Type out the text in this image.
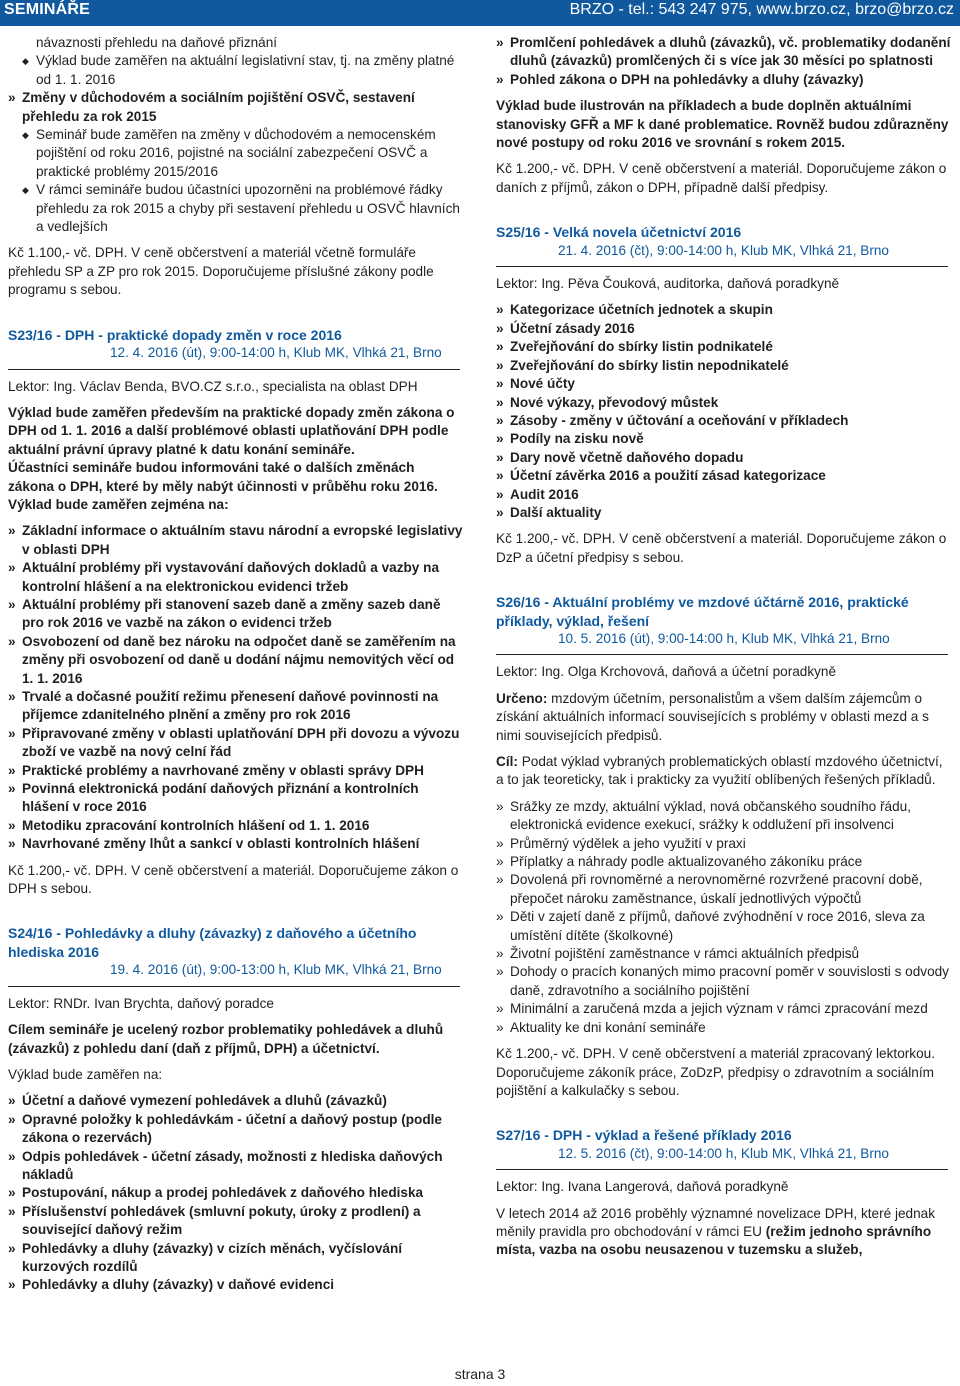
SEMINÁŘE	BRZO - tel.: 543 247 975, www.brzo.cz, brzo@brzo.cz

návaznosti přehledu na daňové přiznání

◆ Výklad bude zaměřen na aktuální legislativní stav, tj. na změny platné od 1. 1. 2016
» Změny v důchodovém a sociálním pojištění OSVČ, sestavení přehledu za rok 2015
◆ Seminář bude zaměřen na změny v důchodovém a nemocenském pojištění od roku 2016, pojistné na sociální zabezpečení OSVČ a praktické problémy 2015/2016
◆ V rámci semináře budou účastníci upozorněni na problémové řádky přehledu za rok 2015 a chyby při sestavení přehledu u OSVČ hlavních a vedlejších

Kč 1.100,- vč. DPH. V ceně občerstvení a materiál včetně formuláře přehledu SP a ZP pro rok 2015. Doporučujeme příslušné zákony podle programu s sebou.

S23/16 - DPH - praktické dopady změn v roce 2016
12. 4. 2016 (út), 9:00-14:00 h, Klub MK, Vlhká 21, Brno

Lektor: Ing. Václav Benda, BVO.CZ s.r.o., specialista na oblast DPH

Výklad bude zaměřen především na praktické dopady změn zákona o DPH od 1. 1. 2016 a další problémové oblasti uplatňování DPH podle aktuální právní úpravy platné k datu konání semináře.

Účastníci semináře budou informováni také o dalších změnách zákona o DPH, které by měly nabýt účinnosti v průběhu roku 2016.

Výklad bude zaměřen zejména na:

» Základní informace o aktuálním stavu národní a evropské legislativy v oblasti DPH
» Aktuální problémy při vystavování daňových dokladů a vazby na kontrolní hlášení a na elektronickou evidenci tržeb
» Aktuální problémy při stanovení sazeb daně a změny sazeb daně pro rok 2016 ve vazbě na zákon o evidenci tržeb
» Osvobození od daně bez nároku na odpočet daně se zaměřením na změny při osvobození od daně u dodání nájmu nemovitých věcí od 1. 1. 2016
» Trvalé a dočasné použití režimu přenesení daňové povinnosti na příjemce zdanitelného plnění a změny pro rok 2016
» Připravované změny v oblasti uplatňování DPH při dovozu a vývozu zboží ve vazbě na nový celní řád
» Praktické problémy a navrhované změny v oblasti správy DPH
» Povinná elektronická podání daňových přiznání a kontrolních hlášení v roce 2016
» Metodiku zpracování kontrolních hlášení od 1. 1. 2016
» Navrhované změny lhůt a sankcí v oblasti kontrolních hlášení

Kč 1.200,- vč. DPH. V ceně občerstvení a materiál. Doporučujeme zákon o DPH s sebou.

S24/16 - Pohledávky a dluhy (závazky) z daňového a účetního hlediska 2016
19. 4. 2016 (út), 9:00-13:00 h, Klub MK, Vlhká 21, Brno

Lektor: RNDr. Ivan Brychta, daňový poradce

Cílem semináře je ucelený rozbor problematiky pohledávek a dluhů (závazků) z pohledu daní (daň z příjmů, DPH) a účetnictví.

Výklad bude zaměřen na:

» Účetní a daňové vymezení pohledávek a dluhů (závazků)
» Opravné položky k pohledávkám - účetní a daňový postup (podle zákona o rezervách)
» Odpis pohledávek - účetní zásady, možnosti z hlediska daňových nákladů
» Postupování, nákup a prodej pohledávek z daňového hlediska
» Příslušenství pohledávek (smluvní pokuty, úroky z prodlení) a související daňový režim
» Pohledávky a dluhy (závazky) v cizích měnách, vyčíslování kurzových rozdílů
» Pohledávky a dluhy (závazky) v daňové evidenci
» Promlčení pohledávek a dluhů (závazků), vč. problematiky dodanění dluhů (závazků) promlčených či s více jak 30 měsíci po splatnosti
» Pohled zákona o DPH na pohledávky a dluhy (závazky)

Výklad bude ilustrován na příkladech a bude doplněn aktuálními stanovisky GFŘ a MF k dané problematice. Rovněž budou zdůrazněny nové postupy od roku 2016 ve srovnání s rokem 2015.

Kč 1.200,- vč. DPH. V ceně občerstvení a materiál. Doporučujeme zákon o daních z příjmů, zákon o DPH, případně další předpisy.

S25/16 - Velká novela účetnictví 2016
21. 4. 2016 (čt), 9:00-14:00 h, Klub MK, Vlhká 21, Brno

Lektor: Ing. Pěva Čouková, auditorka, daňová poradkyně

» Kategorizace účetních jednotek a skupin
» Účetní zásady 2016
» Zveřejňování do sbírky listin podnikatelé
» Zveřejňování do sbírky listin nepodnikatelé
» Nové účty
» Nové výkazy, převodový můstek
» Zásoby - změny v účtování a oceňování v příkladech
» Podíly na zisku nově
» Dary nově včetně daňového dopadu
» Účetní závěrka 2016 a použití zásad kategorizace
» Audit 2016
» Další aktuality

Kč 1.200,- vč. DPH. V ceně občerstvení a materiál. Doporučujeme zákon o DzP a účetní předpisy s sebou.

S26/16 - Aktuální problémy ve mzdové účtárně 2016, praktické příklady, výklad, řešení
10. 5. 2016 (út), 9:00-14:00 h, Klub MK, Vlhká 21, Brno

Lektor: Ing. Olga Krchovová, daňová a účetní poradkyně

Určeno: mzdovým účetním, personalistům a všem dalším zájemcům o získání aktuálních informací souvisejících s problémy v oblasti mezd a s nimi souvisejících předpisů.

Cíl: Podat výklad vybraných problematických oblastí mzdového účetnictví, a to jak teoreticky, tak i prakticky za využití oblíbených řešených příkladů.

» Srážky ze mzdy, aktuální výklad, nová občanského soudního řádu, elektronická evidence exekucí, srážky k oddlužení při insolvenci
» Průměrný výdělek a jeho využití v praxi
» Příplatky a náhrady podle aktualizovaného zákoníku práce
» Dovolená při rovnoměrné a nerovnoměrné rozvržené pracovní době, přepočet nároku zaměstnance, úskalí jednotlivých výpočtů
» Děti v zajetí daně z příjmů, daňové zvýhodnění v roce 2016, sleva za umístění dítěte (školkovné)
» Životní pojištění zaměstnance v rámci aktuálních předpisů
» Dohody o pracích konaných mimo pracovní poměr v souvislosti s odvody daně, zdravotního a sociálního pojištění
» Minimální a zaručená mzda a jejich význam v rámci zpracování mezd
» Aktuality ke dni konání semináře

Kč 1.200,- vč. DPH. V ceně občerstvení a materiál zpracovaný lektorkou. Doporučujeme zákoník práce, ZoDzP, předpisy o zdravotním a sociálním pojištění a kalkulačky s sebou.

S27/16 - DPH - výklad a řešené příklady 2016
12. 5. 2016 (čt), 9:00-14:00 h, Klub MK, Vlhká 21, Brno

Lektor: Ing. Ivana Langerová, daňová poradkyně

V letech 2014 až 2016 proběhly významné novelizace DPH, které jednak měnily pravidla pro obchodování v rámci EU (režim jednoho správního místa, vazba na osobu neusazenou v tuzemsku a služeb,

strana 3
